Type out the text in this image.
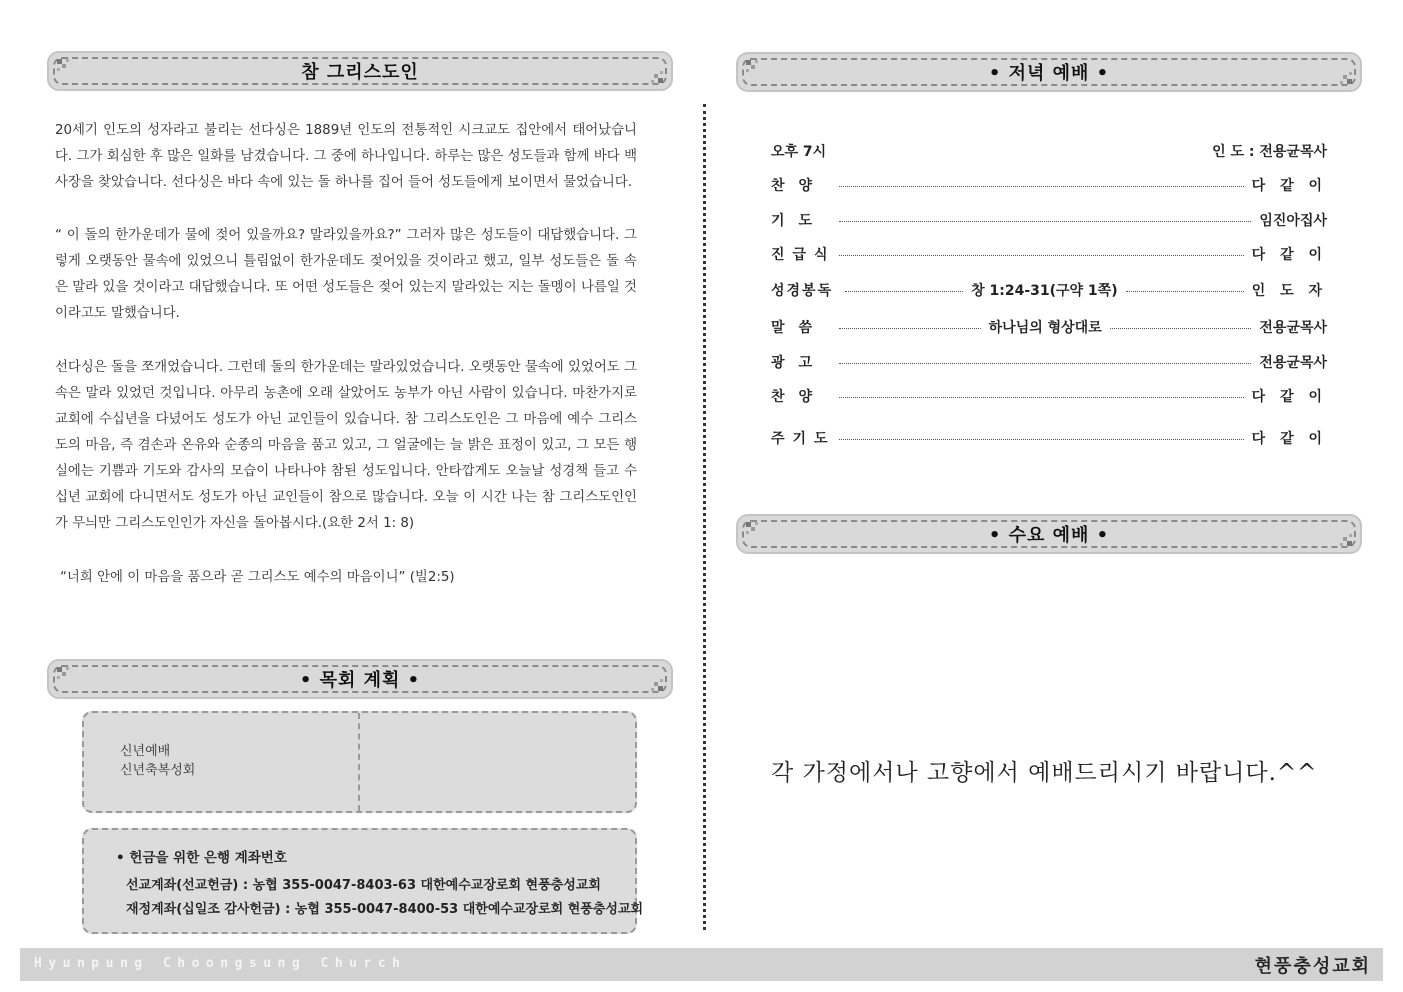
참 그리스도인

20세기 인도의 성자라고 불리는 선다싱은 1889년 인도의 전통적인 시크교도 집안에서 태어났습니다. 그가 회심한 후 많은 일화를 남겼습니다. 그 중에 하나입니다. 하루는 많은 성도들과 함께 바다 백사장을 찾았습니다. 선다싱은 바다 속에 있는 돌 하나를 집어 들어 성도들에게 보이면서 물었습니다.

“ 이 돌의 한가운데가 물에 젖어 있을까요? 말라있을까요?” 그러자 많은 성도들이 대답했습니다. 그렇게 오랫동안 물속에 있었으니 틀림없이 한가운데도 젖어있을 것이라고 했고, 일부 성도들은 돌 속은 말라 있을 것이라고 대답했습니다. 또 어떤 성도들은 젖어 있는지 말라있는 지는 돌멩이 나름일 것이라고도 말했습니다.

선다싱은 돌을 쪼개었습니다. 그런데 돌의 한가운데는 말라있었습니다. 오랫동안 물속에 있었어도 그 속은 말라 있었던 것입니다. 아무리 농촌에 오래 살았어도 농부가 아닌 사람이 있습니다. 마찬가지로 교회에 수십년을 다녔어도 성도가 아닌 교인들이 있습니다. 참 그리스도인은 그 마음에 예수 그리스도의 마음, 즉 겸손과 온유와 순종의 마음을 품고 있고, 그 얼굴에는 늘 밝은 표정이 있고, 그 모든 행실에는 기쁨과 기도와 감사의 모습이 나타나야 참된 성도입니다. 안타깝게도 오늘날 성경책 들고 수십년 교회에 다니면서도 성도가 아닌 교인들이 참으로 많습니다. 오늘 이 시간 나는 참 그리스도인인가 무늬만 그리스도인인가 자신을 돌아봅시다.(요한 2서 1: 8)

“너희 안에 이 마음을 품으라 곧 그리스도 예수의 마음이니” (빌2:5)

• 목회 계획 •
신년예배
신년축복성회
• 헌금을 위한 은행 계좌번호
선교계좌(선교헌금) : 농협 355-0047-8403-63 대한예수교장로회 현풍충성교회
재정계좌(십일조 감사헌금) : 농협 355-0047-8400-53 대한예수교장로회 현풍충성교회
• 저녁 예배 •
오후 7시	인 도 : 전용균목사
찬양	다 같 이
기도	임진아집사
진급식	다 같 이
성경봉독	창 1:24-31(구약 1쪽)	인 도 자
말씀	하나님의 형상대로	전용균목사
광고	전용균목사
찬양	다 같 이
주기도	다 같 이
• 수요 예배 •
각 가정에서나 고향에서 예배드리시기 바랍니다.^^
Hyunpung Choongsung Church	현풍충성교회
